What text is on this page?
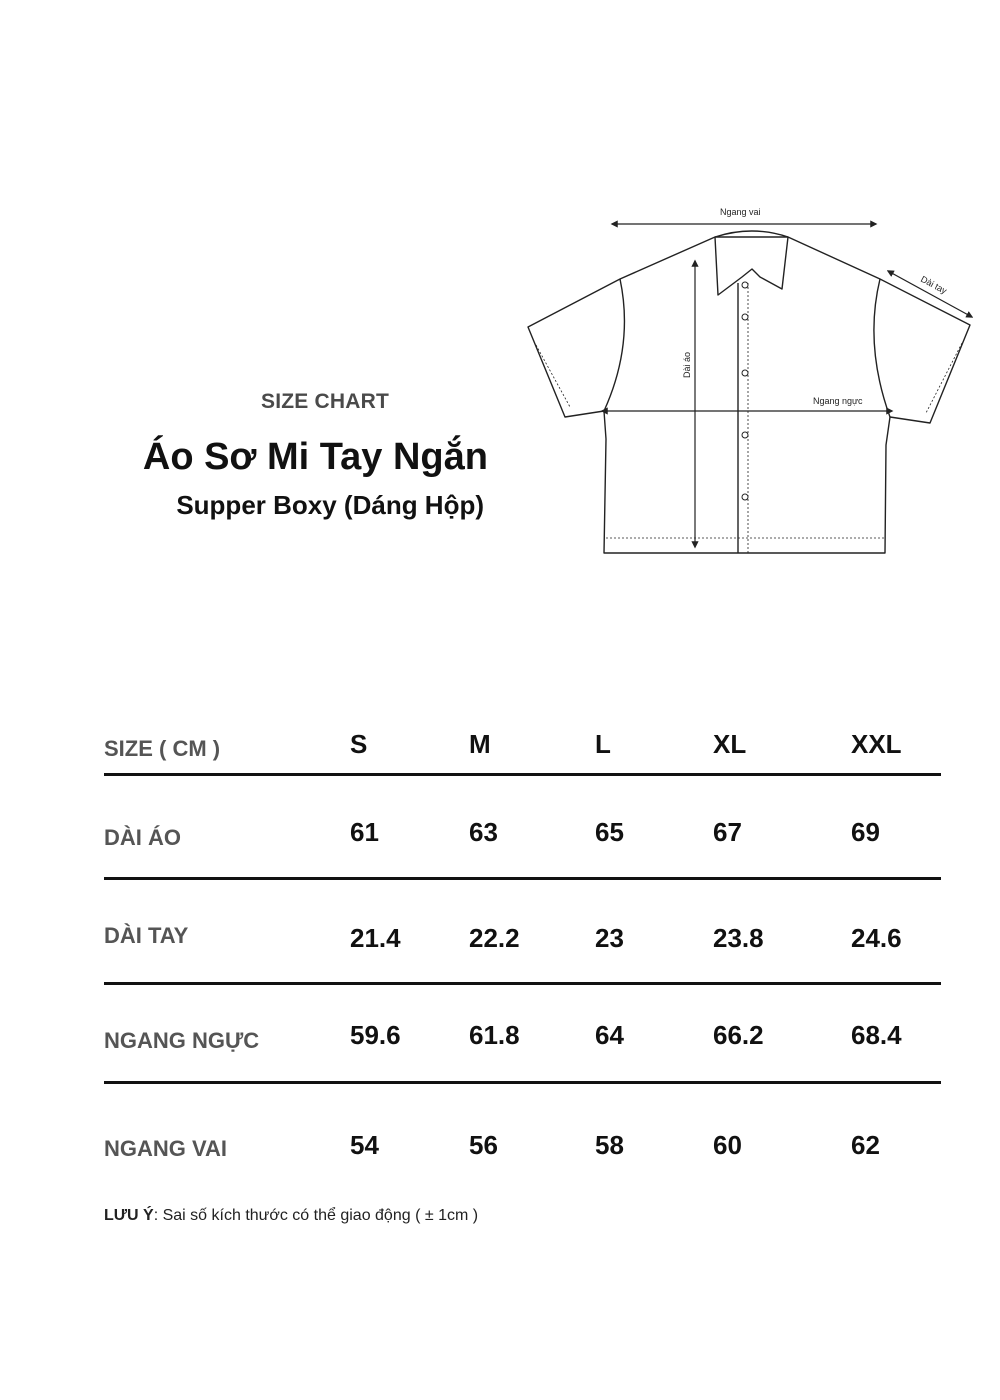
SIZE CHART
Áo Sơ Mi Tay Ngắn
Supper Boxy (Dáng Hộp)
Ngang vai
Dài áo
Ngang ngực
Dài tay
SIZE ( CM )	S	M	L	XL	XXL
DÀI ÁO	61	63	65	67	69
DÀI TAY	21.4	22.2	23	23.8	24.6
NGANG NGỰC	59.6	61.8	64	66.2	68.4
NGANG VAI	54	56	58	60	62
LƯU Ý: Sai số kích thước có thể giao động ( ± 1cm )
